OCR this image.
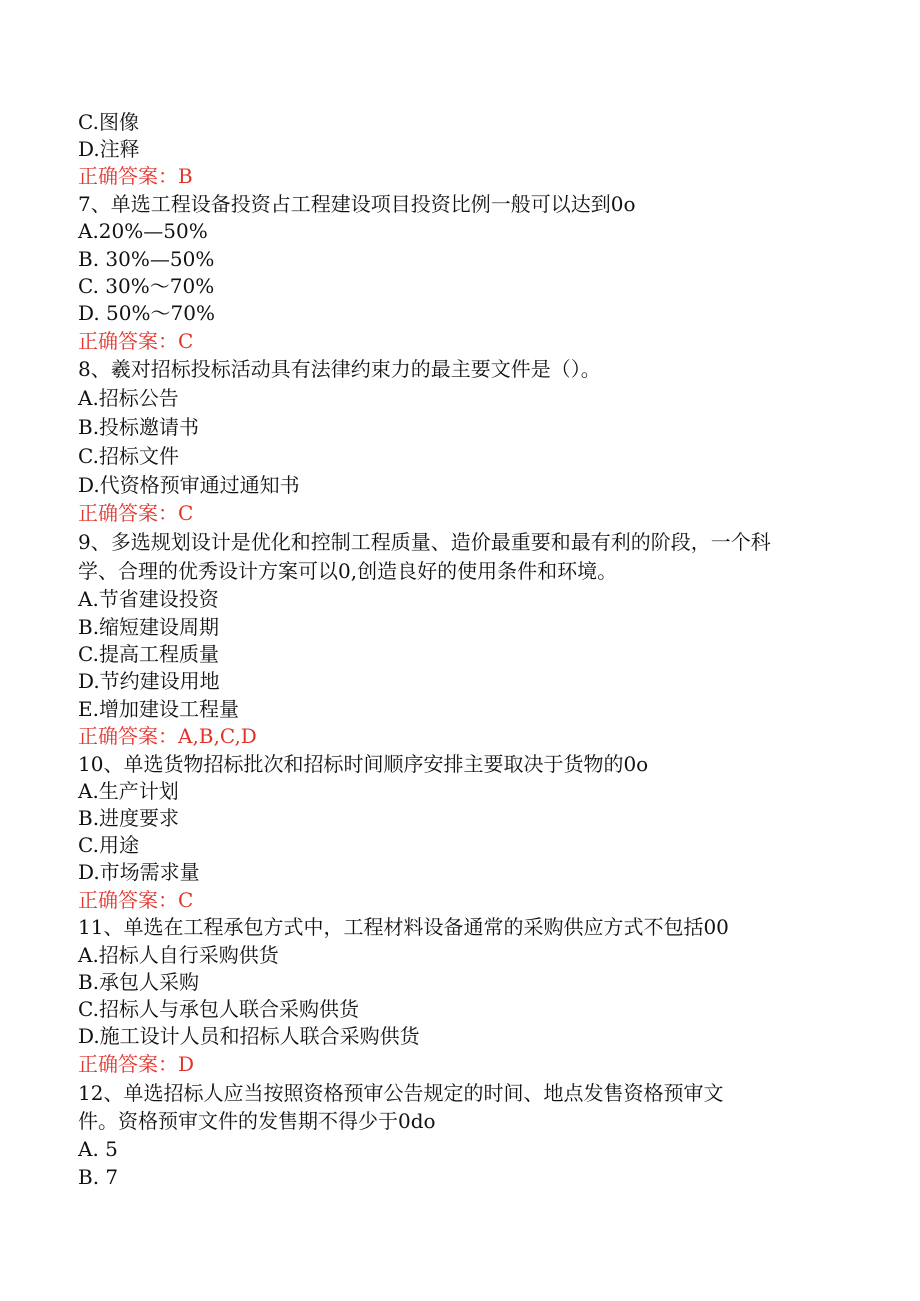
C.图像
D.注释
正确答案：B
7、单选工程设备投资占工程建设项目投资比例一般可以达到0o
A.20%—50%
B. 30%—50%
C. 30%～70%
D. 50%～70%
正确答案：C
8、羲对招标投标活动具有法律约束力的最主要文件是（）。
A.招标公告
B.投标邀请书
C.招标文件
D.代资格预审通过通知书
正确答案：C
9、多选规划设计是优化和控制工程质量、造价最重要和最有利的阶段，一个科
学、合理的优秀设计方案可以0,创造良好的使用条件和环境。
A.节省建设投资
B.缩短建设周期
C.提高工程质量
D.节约建设用地
E.增加建设工程量
正确答案：A,B,C,D
10、单选货物招标批次和招标时间顺序安排主要取决于货物的0o
A.生产计划
B.进度要求
C.用途
D.市场需求量
正确答案：C
11、单选在工程承包方式中，工程材料设备通常的采购供应方式不包括00
A.招标人自行采购供货
B.承包人采购
C.招标人与承包人联合采购供货
D.施工设计人员和招标人联合采购供货
正确答案：D
12、单选招标人应当按照资格预审公告规定的时间、地点发售资格预审文
件。资格预审文件的发售期不得少于0do
A. 5
B. 7
